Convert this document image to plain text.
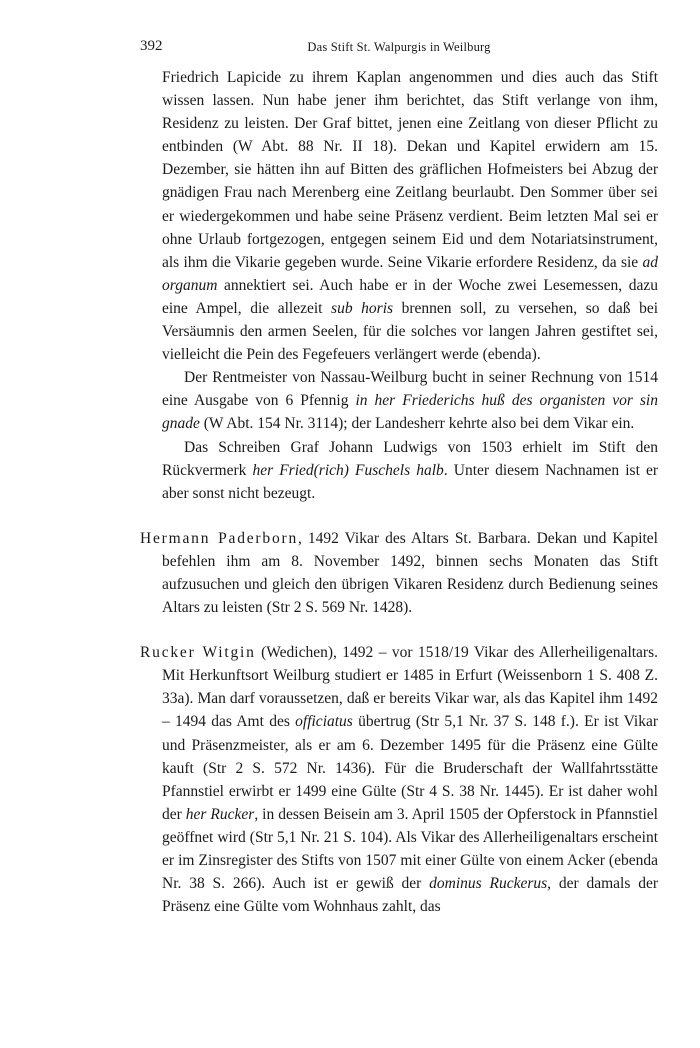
392	Das Stift St. Walpurgis in Weilburg

Friedrich Lapicide zu ihrem Kaplan angenommen und dies auch das Stift wissen lassen. Nun habe jener ihm berichtet, das Stift verlange von ihm, Residenz zu leisten. Der Graf bittet, jenen eine Zeitlang von dieser Pflicht zu entbinden (W Abt. 88 Nr. II 18). Dekan und Kapitel erwidern am 15. Dezember, sie hätten ihn auf Bitten des gräflichen Hofmeisters bei Abzug der gnädigen Frau nach Merenberg eine Zeitlang beurlaubt. Den Sommer über sei er wiedergekommen und habe seine Präsenz verdient. Beim letzten Mal sei er ohne Urlaub fortgezogen, entgegen seinem Eid und dem Notariatsinstrument, als ihm die Vikarie gegeben wurde. Seine Vikarie erfordere Residenz, da sie ad organum annektiert sei. Auch habe er in der Woche zwei Lesemessen, dazu eine Ampel, die allezeit sub horis brennen soll, zu versehen, so daß bei Versäumnis den armen Seelen, für die solches vor langen Jahren gestiftet sei, vielleicht die Pein des Fegefeuers verlängert werde (ebenda).

Der Rentmeister von Nassau-Weilburg bucht in seiner Rechnung von 1514 eine Ausgabe von 6 Pfennig in her Friederichs huß des organisten vor sin gnade (W Abt. 154 Nr. 3114); der Landesherr kehrte also bei dem Vikar ein.

Das Schreiben Graf Johann Ludwigs von 1503 erhielt im Stift den Rückvermerk her Fried(rich) Fuschels halb. Unter diesem Nachnamen ist er aber sonst nicht bezeugt.

Hermann Paderborn, 1492 Vikar des Altars St. Barbara. Dekan und Kapitel befehlen ihm am 8. November 1492, binnen sechs Monaten das Stift aufzusuchen und gleich den übrigen Vikaren Residenz durch Bedienung seines Altars zu leisten (Str 2 S. 569 Nr. 1428).

Rucker Witgin (Wedichen), 1492 – vor 1518/19 Vikar des Allerheiligenaltars. Mit Herkunftsort Weilburg studiert er 1485 in Erfurt (Weissenborn 1 S. 408 Z. 33a). Man darf voraussetzen, daß er bereits Vikar war, als das Kapitel ihm 1492 – 1494 das Amt des officiatus übertrug (Str 5,1 Nr. 37 S. 148 f.). Er ist Vikar und Präsenzmeister, als er am 6. Dezember 1495 für die Präsenz eine Gülte kauft (Str 2 S. 572 Nr. 1436). Für die Bruderschaft der Wallfahrtsstätte Pfannstiel erwirbt er 1499 eine Gülte (Str 4 S. 38 Nr. 1445). Er ist daher wohl der her Rucker, in dessen Beisein am 3. April 1505 der Opferstock in Pfannstiel geöffnet wird (Str 5,1 Nr. 21 S. 104). Als Vikar des Allerheiligenaltars erscheint er im Zinsregister des Stifts von 1507 mit einer Gülte von einem Acker (ebenda Nr. 38 S. 266). Auch ist er gewiß der dominus Ruckerus, der damals der Präsenz eine Gülte vom Wohnhaus zahlt, das
